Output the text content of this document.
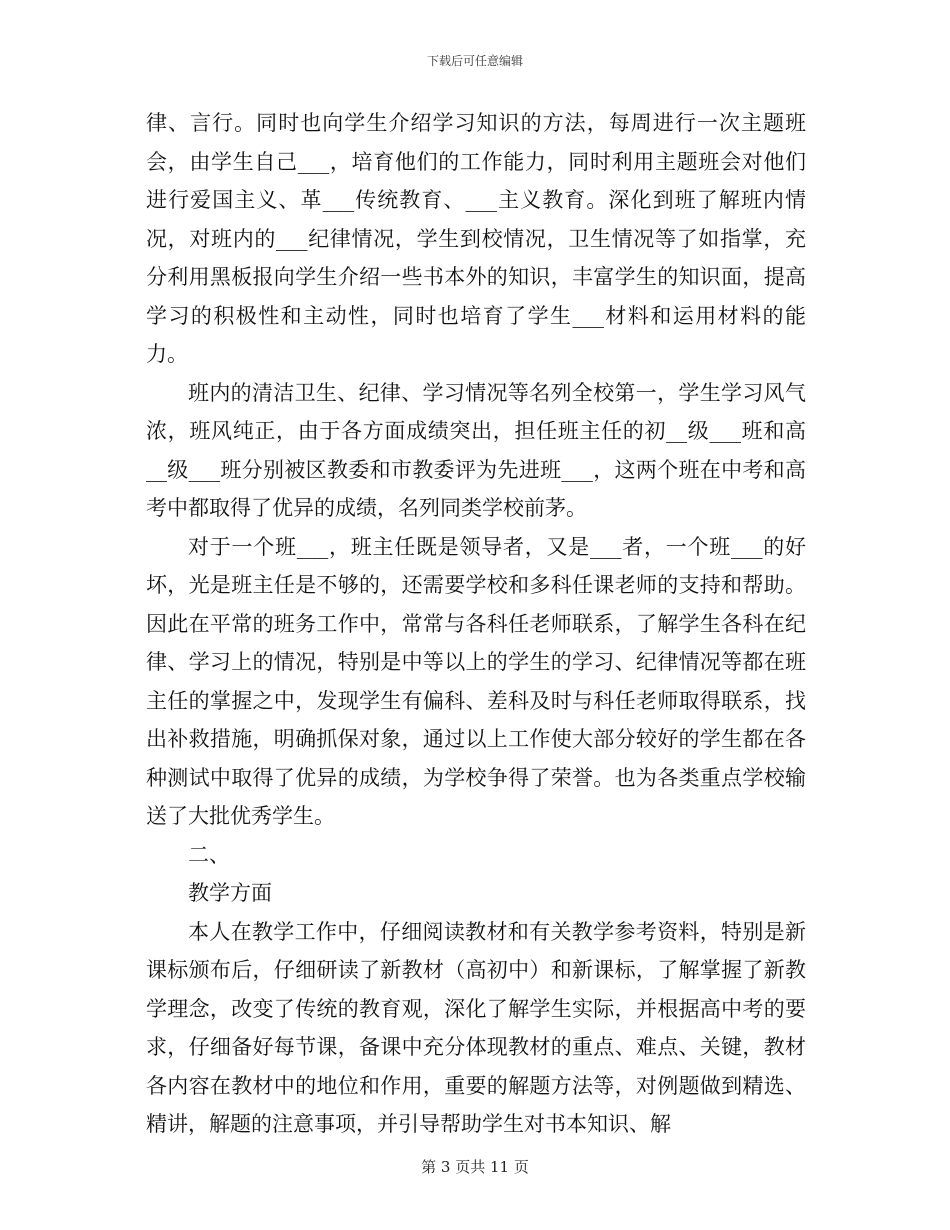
下载后可任意编辑

律、言行。同时也向学生介绍学习知识的方法，每周进行一次主题班会，由学生自己___，培育他们的工作能力，同时利用主题班会对他们进行爱国主义、革___传统教育、___主义教育。深化到班了解班内情况，对班内的___纪律情况，学生到校情况，卫生情况等了如指掌，充分利用黑板报向学生介绍一些书本外的知识，丰富学生的知识面，提高学习的积极性和主动性，同时也培育了学生___材料和运用材料的能力。

班内的清洁卫生、纪律、学习情况等名列全校第一，学生学习风气浓，班风纯正，由于各方面成绩突出，担任班主任的初__级___班和高__级___班分别被区教委和市教委评为先进班___，这两个班在中考和高考中都取得了优异的成绩，名列同类学校前茅。

对于一个班___，班主任既是领导者，又是___者，一个班___的好坏，光是班主任是不够的，还需要学校和多科任课老师的支持和帮助。因此在平常的班务工作中，常常与各科任老师联系，了解学生各科在纪律、学习上的情况，特别是中等以上的学生的学习、纪律情况等都在班主任的掌握之中，发现学生有偏科、差科及时与科任老师取得联系，找出补救措施，明确抓保对象，通过以上工作使大部分较好的学生都在各种测试中取得了优异的成绩，为学校争得了荣誉。也为各类重点学校输送了大批优秀学生。

二、

教学方面

本人在教学工作中，仔细阅读教材和有关教学参考资料，特别是新课标颁布后，仔细研读了新教材（高初中）和新课标，了解掌握了新教学理念，改变了传统的教育观，深化了解学生实际，并根据高中考的要求，仔细备好每节课，备课中充分体现教材的重点、难点、关键，教材各内容在教材中的地位和作用，重要的解题方法等，对例题做到精选、精讲，解题的注意事项，并引导帮助学生对书本知识、解

第 3 页共 11 页
